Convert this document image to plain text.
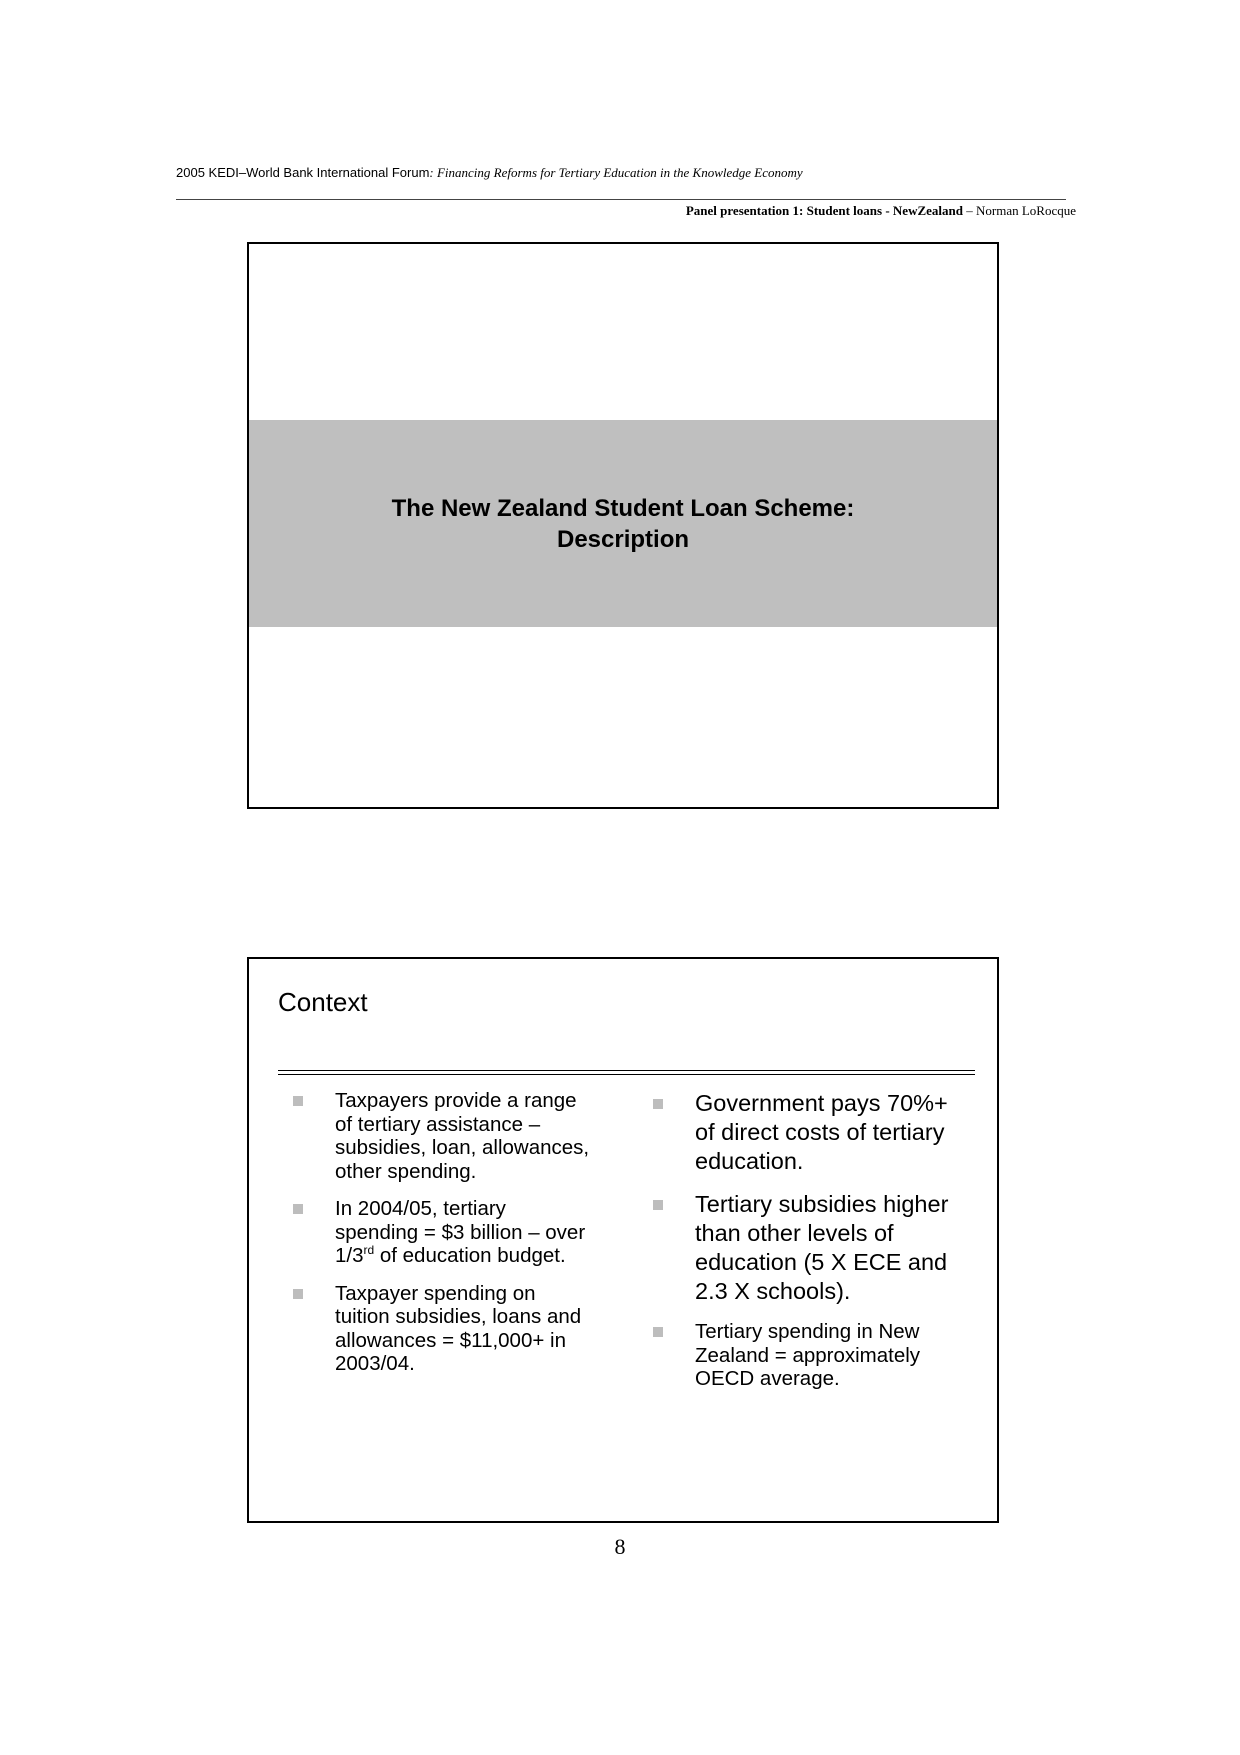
2005 KEDI–World Bank International Forum: Financing Reforms for Tertiary Education in the Knowledge Economy
Panel presentation 1: Student loans - NewZealand – Norman LoRocque
The New Zealand Student Loan Scheme:
Description
Context
Taxpayers provide a range of tertiary assistance – subsidies, loan, allowances, other spending.
In 2004/05, tertiary spending = $3 billion – over 1/3rd of education budget.
Taxpayer spending on tuition subsidies, loans and allowances = $11,000+ in 2003/04.
Government pays 70%+ of direct costs of tertiary education.
Tertiary subsidies higher than other levels of education (5 X ECE and 2.3 X schools).
Tertiary spending in New Zealand = approximately OECD average.
8
